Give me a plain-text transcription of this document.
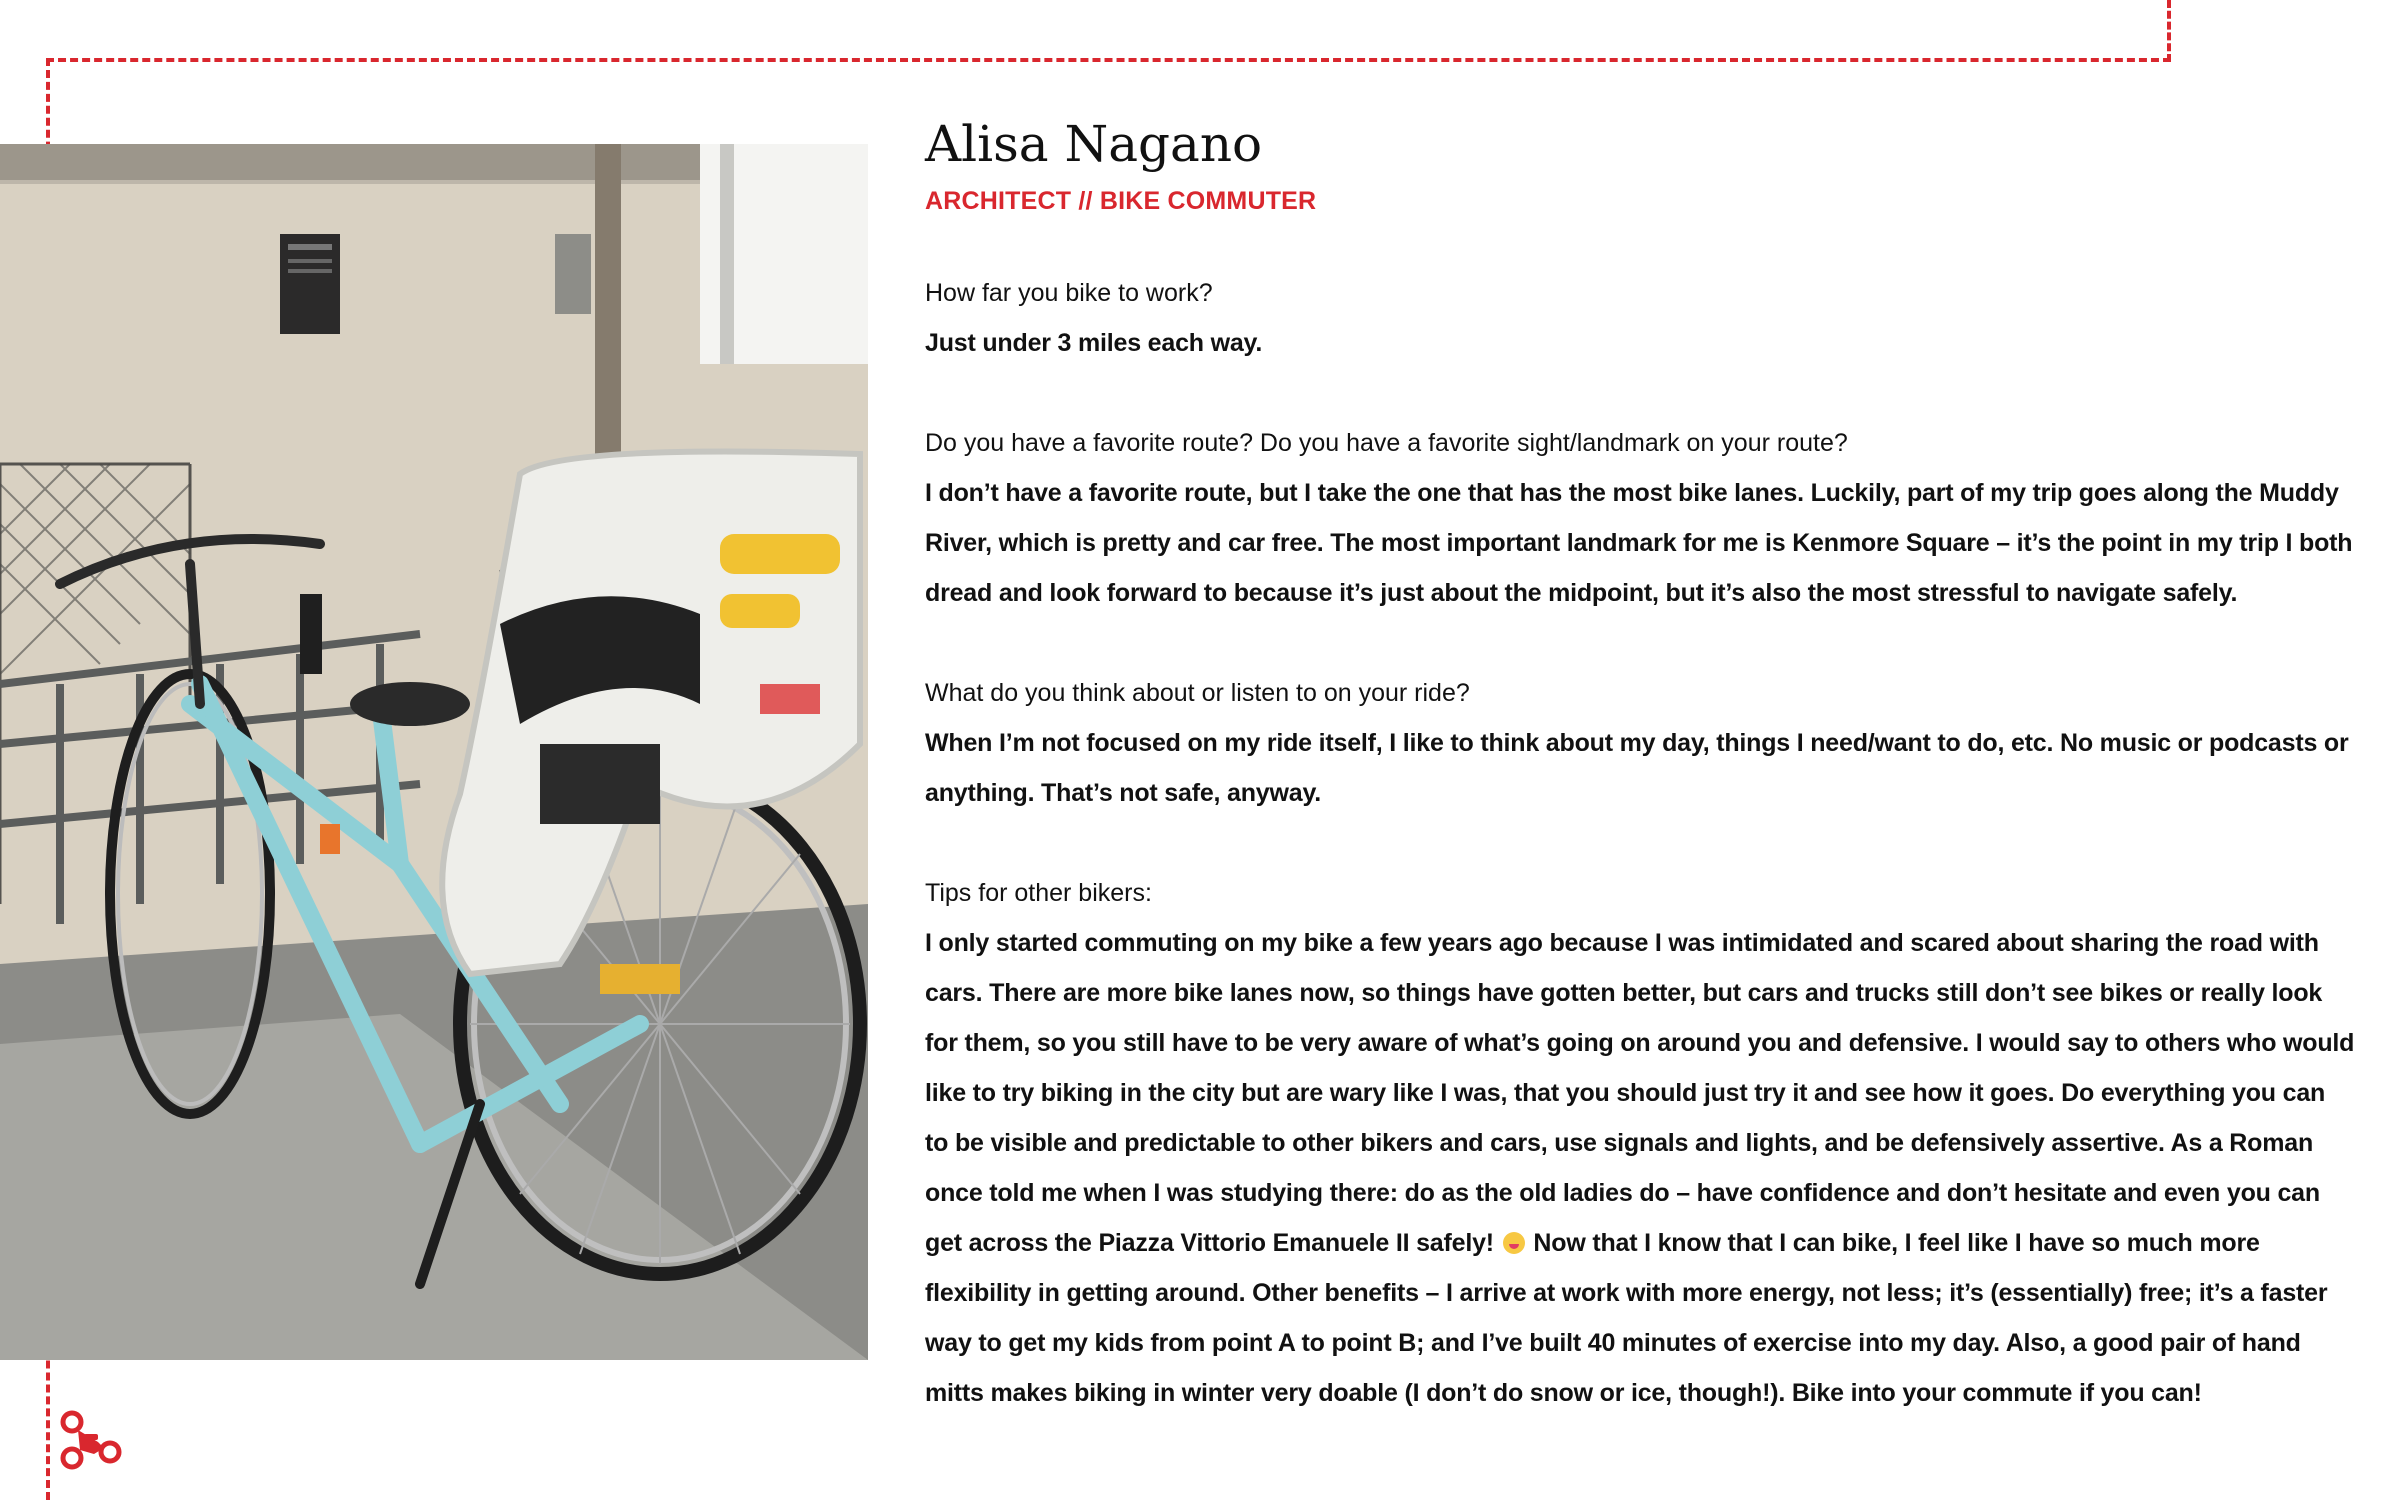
Alisa Nagano
ARCHITECT // BIKE COMMUTER
How far you bike to work?
Just under 3 miles each way.
Do you have a favorite route? Do you have a favorite sight/landmark on your route?
I don’t have a favorite route, but I take the one that has the most bike lanes. Luckily, part of my trip goes along the Muddy River, which is pretty and car free. The most important landmark for me is Kenmore Square – it’s the point in my trip I both dread and look forward to because it’s just about the midpoint, but it’s also the most stressful to navigate safely.
What do you think about or listen to on your ride?
When I’m not focused on my ride itself, I like to think about my day, things I need/want to do, etc. No music or podcasts or anything. That’s not safe, anyway.
Tips for other bikers:
I only started commuting on my bike a few years ago because I was intimidated and scared about sharing the road with cars. There are more bike lanes now, so things have gotten better, but cars and trucks still don’t see bikes or really look for them, so you still have to be very aware of what’s going on around you and defensive. I would say to others who would like to try biking in the city but are wary like I was, that you should just try it and see how it goes. Do everything you can to be visible and predictable to other bikers and cars, use signals and lights, and be defensively assertive. As a Roman once told me when I was studying there: do as the old ladies do – have confidence and don’t hesitate and even you can get across the Piazza Vittorio Emanuele II safely! Now that I know that I can bike, I feel like I have so much more flexibility in getting around. Other benefits – I arrive at work with more energy, not less; it’s (essentially) free; it’s a faster way to get my kids from point A to point B; and I’ve built 40 minutes of exercise into my day. Also, a good pair of hand mitts makes biking in winter very doable (I don’t do snow or ice, though!). Bike into your commute if you can!
